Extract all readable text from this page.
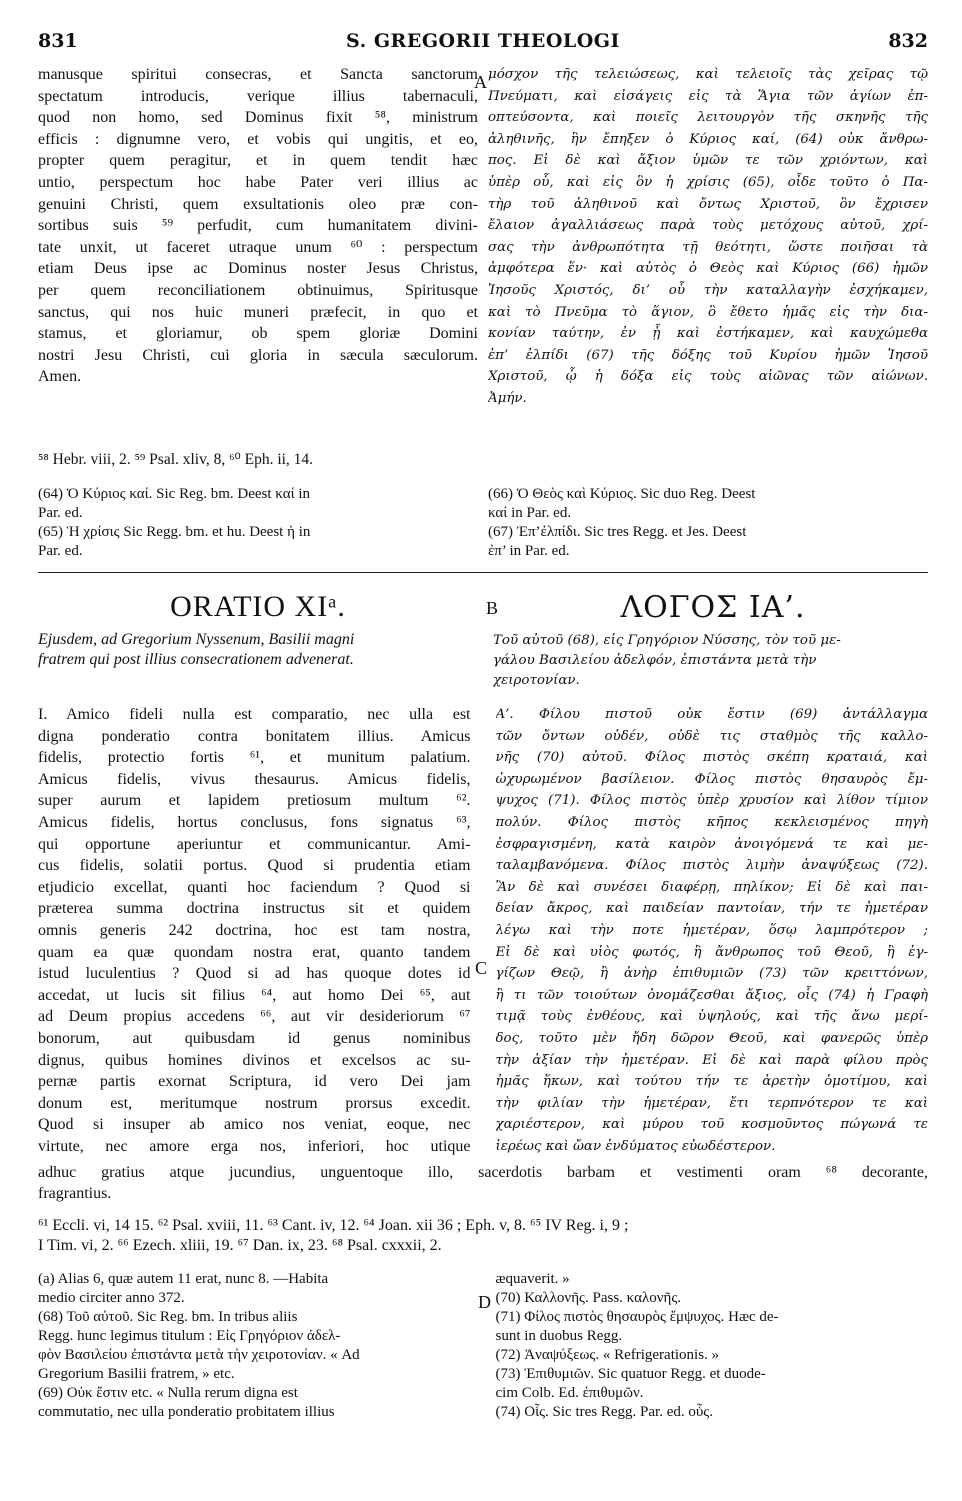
831	S. GREGORII THEOLOGI	832
manusque spiritui consecras, et Sancta sanctorum
spectatum introducis, verique illius tabernaculi,
quod non homo, sed Dominus fixit ⁵⁸, ministrum
efficis : dignumne vero, et vobis qui ungitis, et eo,
propter quem peragitur, et in quem tendit hæc
untio, perspectum hoc habe Pater veri illius ac
genuini Christi, quem exsultationis oleo præ con-
sortibus suis ⁵⁹ perfudit, cum humanitatem divini-
tate unxit, ut faceret utraque unum ⁶⁰ : perspectum
etiam Deus ipse ac Dominus noster Jesus Christus,
per quem reconciliationem obtinuimus, Spiritusque
sanctus, qui nos huic muneri præfecit, in quo et
stamus, et gloriamur, ob spem gloriæ Domini
nostri Jesu Christi, cui gloria in sæcula sæculorum.
Amen.
μόσχον τῆς τελειώσεως, καὶ τελειοῖς τὰς χεῖρας τῷ
Πνεύματι, καὶ εἰσάγεις εἰς τὰ Ἅγια τῶν ἁγίων ἐπ-
οπτεύσοντα, καὶ ποιεῖς λειτουργὸν τῆς σκηνῆς τῆς
ἀληθινῆς, ἣν ἔπηξεν ὁ Κύριος καί, (64) οὐκ ἄνθρω-
πος. Εἰ δὲ καὶ ἄξιον ὑμῶν τε τῶν χριόντων, καὶ
ὑπὲρ οὗ, καὶ εἰς ὃν ἡ χρίσις (65), οἶδε τοῦτο ὁ Πα-
τὴρ τοῦ ἀληθινοῦ καὶ ὄντως Χριστοῦ, ὃν ἔχρισεν
ἔλαιον ἀγαλλιάσεως παρὰ τοὺς μετόχους αὐτοῦ, χρί-
σας τὴν ἀνθρωπότητα τῇ θεότητι, ὥστε ποιῆσαι τὰ
ἀμφότερα ἕν· καὶ αὐτὸς ὁ Θεὸς καὶ Κύριος (66) ἡμῶν
Ἰησοῦς Χριστός, δι’ οὗ τὴν καταλλαγὴν ἐσχήκαμεν,
καὶ τὸ Πνεῦμα τὸ ἅγιον, ὃ ἔθετο ἡμᾶς εἰς τὴν δια-
κονίαν ταύτην, ἐν ᾗ καὶ ἑστήκαμεν, καὶ καυχώμεθα
ἐπ’ ἐλπίδι (67) τῆς δόξης τοῦ Κυρίου ἡμῶν Ἰησοῦ
Χριστοῦ, ᾧ ἡ δόξα εἰς τοὺς αἰῶνας τῶν αἰώνων.
Ἀμήν.
A
⁵⁸ Hebr. viii, 2. ⁵⁹ Psal. xliv, 8, ⁶⁰ Eph. ii, 14.
(64) Ὁ Κύριος καί. Sic Reg. bm. Deest καί in
Par. ed.
(65) Ἡ χρίσις Sic Regg. bm. et hu. Deest ἡ in
Par. ed.
(66) Ὁ Θεὸς καὶ Κύριος. Sic duo Reg. Deest
καί in Par. ed.
(67) Ἐπ’ἐλπίδι. Sic tres Regg. et Jes. Deest
ἐπ’ in Par. ed.
ORATIO XIᵃ.
Ejusdem, ad Gregorium Nyssenum, Basilii magni
fratrem qui post illius consecrationem advenerat.
B	ΛΟΓΟΣ ΙΑ’.
Τοῦ αὐτοῦ (68), εἰς Γρηγόριον Νύσσης, τὸν τοῦ με-
γάλου Βασιλείου ἀδελφόν, ἐπιστάντα μετὰ τὴν
χειροτονίαν.
I. Amico fideli nulla est comparatio, nec ulla est
digna ponderatio contra bonitatem illius. Amicus
fidelis, protectio fortis ⁶¹, et munitum palatium.
Amicus fidelis, vivus thesaurus. Amicus fidelis,
super aurum et lapidem pretiosum multum ⁶².
Amicus fidelis, hortus conclusus, fons signatus ⁶³,
qui opportune aperiuntur et communicantur. Ami-
cus fidelis, solatii portus. Quod si prudentia etiam
etjudicio excellat, quanti hoc faciendum ? Quod si
præterea summa doctrina instructus sit et quidem
omnis generis 242 doctrina, hoc est tam nostra,
quam ea quæ quondam nostra erat, quanto tandem
istud luculentius ? Quod si ad has quoque dotes id
accedat, ut lucis sit filius ⁶⁴, aut homo Dei ⁶⁵, aut
ad Deum propius accedens ⁶⁶, aut vir desideriorum ⁶⁷
bonorum, aut quibusdam id genus nominibus
dignus, quibus homines divinos et excelsos ac su-
pernæ partis exornat Scriptura, id vero Dei jam
donum est, meritumque nostrum prorsus excedit.
Quod si insuper ab amico nos veniat, eoque, nec
virtute, nec amore erga nos, inferiori, hoc utique
Α’. Φίλου πιστοῦ οὐκ ἔστιν (69) ἀντάλλαγμα
τῶν ὄντων οὐδέν, οὐδὲ τις σταθμὸς τῆς καλλο-
νῆς (70) αὐτοῦ. Φίλος πιστὸς σκέπη κραταιά, καὶ
ὠχυρωμένον βασίλειον. Φίλος πιστὸς θησαυρὸς ἔμ-
ψυχος (71). Φίλος πιστὸς ὑπὲρ χρυσίον καὶ λίθον τίμιον
πολύν. Φίλος πιστὸς κῆπος κεκλεισμένος πηγὴ
ἐσφραγισμένη, κατὰ καιρὸν ἀνοιγόμενά τε καὶ με-
ταλαμβανόμενα. Φίλος πιστὸς λιμὴν ἀναψύξεως (72).
Ἂν δὲ καὶ συνέσει διαφέρῃ, πηλίκον; Εἰ δὲ καὶ παι-
δείαν ἄκρος, καὶ παιδείαν παντοίαν, τήν τε ἡμετέραν
λέγω καὶ τὴν ποτε ἡμετέραν, ὅσῳ λαμπρότερον ;
Εἰ δὲ καὶ υἱὸς φωτός, ἢ ἄνθρωπος τοῦ Θεοῦ, ἢ ἐγ-
γίζων Θεῷ, ἢ ἀνὴρ ἐπιθυμιῶν (73) τῶν κρειττόνων,
ἢ τι τῶν τοιούτων ὀνομάζεσθαι ἄξιος, οἷς (74) ἡ Γραφὴ
τιμᾷ τοὺς ἐνθέους, καὶ ὑψηλούς, καὶ τῆς ἄνω μερί-
δος, τοῦτο μὲν ἤδη δῶρον Θεοῦ, καὶ φανερῶς ὑπὲρ
τὴν ἀξίαν τὴν ἡμετέραν. Εἰ δὲ καὶ παρὰ φίλου πρὸς
ἡμᾶς ἥκων, καὶ τούτου τήν τε ἀρετὴν ὁμοτίμου, καὶ
τὴν φιλίαν τὴν ἡμετέραν, ἔτι τερπνότερον τε καὶ
χαριέστερον, καὶ μύρου τοῦ κοσμοῦντος πώγωνά τε
ἱερέως καὶ ὤαν ἐνδύματος εὐωδέστερον.
C
adhuc gratius atque jucundius, unguentoque illo, sacerdotis barbam et vestimenti oram ⁶⁸ decorante,
fragrantius.
⁶¹ Eccli. vi, 14 15. ⁶² Psal. xviii, 11. ⁶³ Cant. iv, 12. ⁶⁴ Joan. xii 36 ; Eph. v, 8. ⁶⁵ IV Reg. i, 9 ;
I Tim. vi, 2. ⁶⁶ Ezech. xliii, 19. ⁶⁷ Dan. ix, 23. ⁶⁸ Psal. cxxxii, 2.
(a) Alias 6, quæ autem 11 erat, nunc 8. —Habita
medio circiter anno 372.
(68) Τοῦ αὐτοῦ. Sic Reg. bm. In tribus aliis
Regg. hunc legimus titulum : Εἰς Γρηγόριον ἀδελ-
φὸν Βασιλείου ἐπιστάντα μετὰ τὴν χειροτονίαν. « Ad
Gregorium Basilii fratrem, » etc.
(69) Οὐκ ἔστιν etc. « Nulla rerum digna est
commutatio, nec ulla ponderatio probitatem illius
æquaverit. »
(70) Καλλονῆς. Pass. καλονῆς.
(71) Φίλος πιστὸς θησαυρὸς ἔμψυχος. Hæc de-
sunt in duobus Regg.
(72) Ἀναψύξεως. « Refrigerationis. »
(73) Ἐπιθυμιῶν. Sic quatuor Regg. et duode-
cim Colb. Ed. ἐπιθυμῶν.
(74) Οἷς. Sic tres Regg. Par. ed. οὗς.
D
